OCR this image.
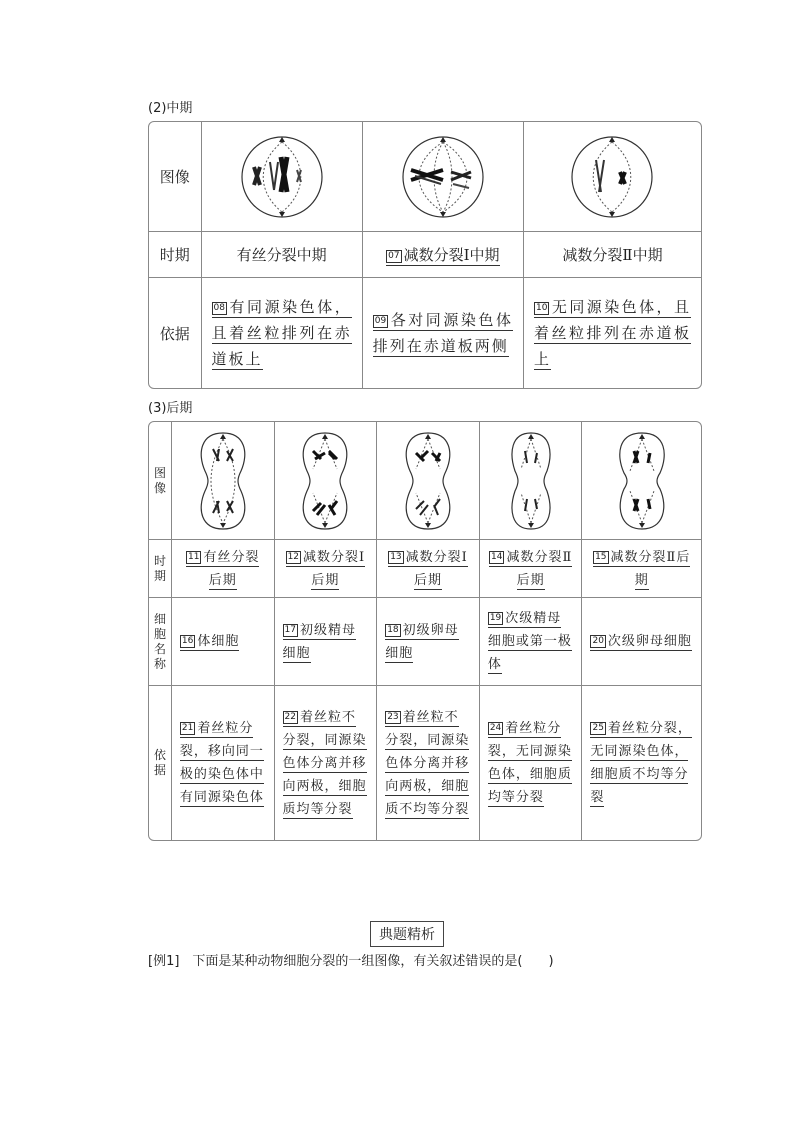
(2)中期
图像	

时期	有丝分裂中期	07 减数分裂Ⅰ中期	减数分裂Ⅱ中期
依据	08 有同源染色体，且着丝粒排列在赤道板上	09 各对同源染色体排列在赤道板两侧	10 无同源染色体，且着丝粒排列在赤道板上
(3)后期
图像	

时期	11 有丝分裂后期	12 减数分裂Ⅰ后期	13 减数分裂Ⅰ后期	14 减数分裂Ⅱ后期	15 减数分裂Ⅱ后期
细胞名称	16 体细胞	17 初级精母细胞	18 初级卵母细胞	19 次级精母细胞或第一极体	20 次级卵母细胞
依据	21 着丝粒分裂，移向同一极的染色体中有同源染色体	22 着丝粒不分裂，同源染色体分离并移向两极，细胞质均等分裂	23 着丝粒不分裂，同源染色体分离并移向两极，细胞质不均等分裂	24 着丝粒分裂，无同源染色体，细胞质均等分裂	25 着丝粒分裂，无同源染色体，细胞质不均等分裂
典题精析
[例1]　下面是某种动物细胞分裂的一组图像，有关叙述错误的是(　　)
